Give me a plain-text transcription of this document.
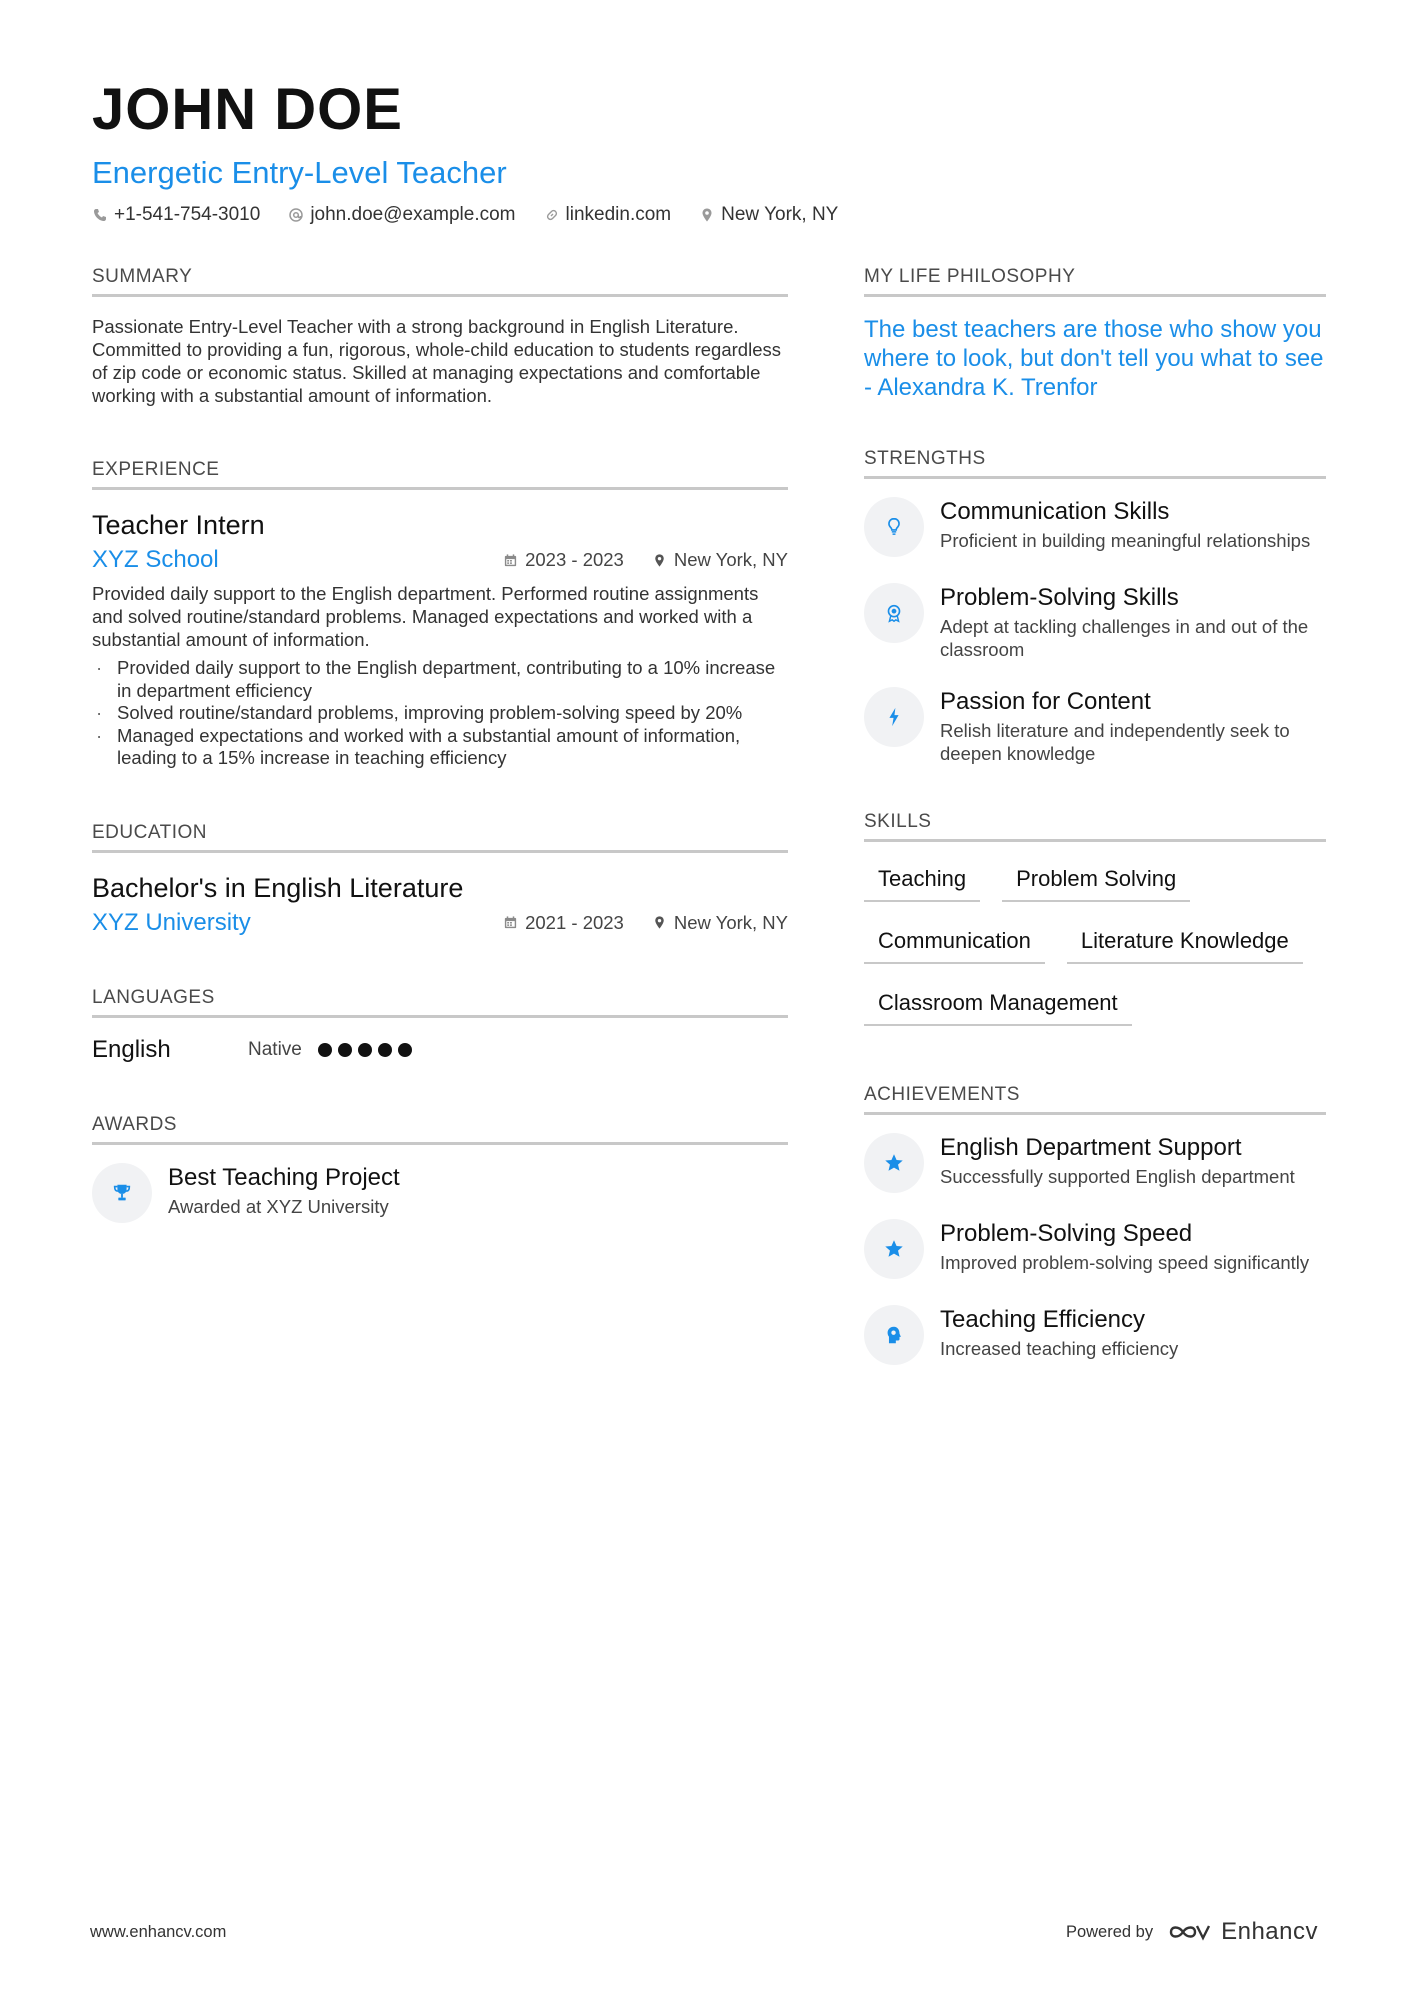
JOHN DOE
Energetic Entry-Level Teacher
+1-541-754-3010	john.doe@example.com	linkedin.com	New York, NY
SUMMARY
Passionate Entry-Level Teacher with a strong background in English Literature. Committed to providing a fun, rigorous, whole-child education to students regardless of zip code or economic status. Skilled at managing expectations and comfortable working with a substantial amount of information.
EXPERIENCE
Teacher Intern
XYZ School	2023 - 2023	New York, NY
Provided daily support to the English department. Performed routine assignments and solved routine/standard problems. Managed expectations and worked with a substantial amount of information.
· Provided daily support to the English department, contributing to a 10% increase in department efficiency
· Solved routine/standard problems, improving problem-solving speed by 20%
· Managed expectations and worked with a substantial amount of information, leading to a 15% increase in teaching efficiency
EDUCATION
Bachelor's in English Literature
XYZ University	2021 - 2023	New York, NY
LANGUAGES
English	Native
AWARDS
Best Teaching Project
Awarded at XYZ University
MY LIFE PHILOSOPHY
The best teachers are those who show you where to look, but don't tell you what to see - Alexandra K. Trenfor
STRENGTHS
Communication Skills
Proficient in building meaningful relationships
Problem-Solving Skills
Adept at tackling challenges in and out of the classroom
Passion for Content
Relish literature and independently seek to deepen knowledge
SKILLS
Teaching	Problem Solving
Communication	Literature Knowledge
Classroom Management
ACHIEVEMENTS
English Department Support
Successfully supported English department
Problem-Solving Speed
Improved problem-solving speed significantly
Teaching Efficiency
Increased teaching efficiency
www.enhancv.com	Powered by	Enhancv
